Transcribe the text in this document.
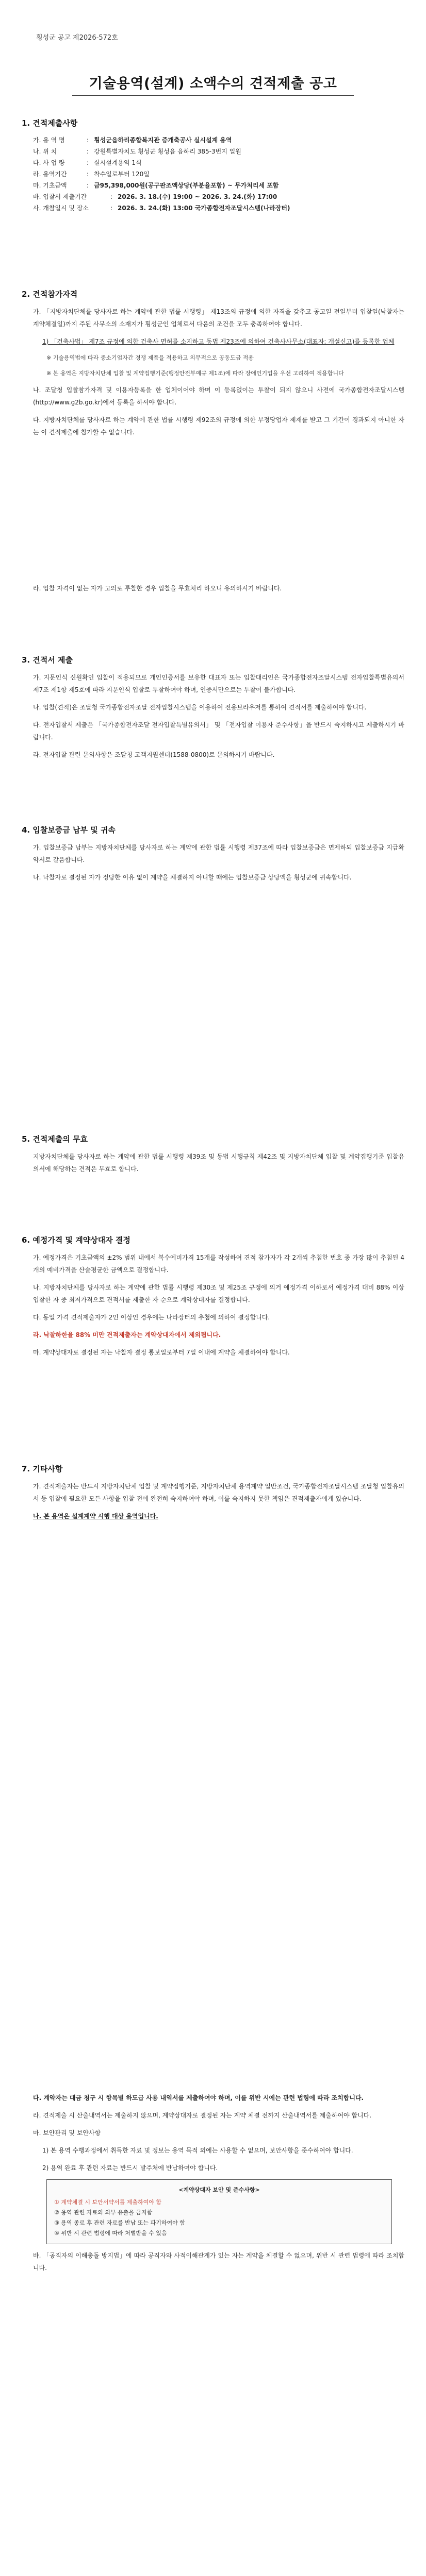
횡성군 공고 제2026-572호
기술용역(설계) 소액수의 견적제출 공고
1. 견적제출사항
가. 용 역 명	: 횡성군읍하리종합복지관 증개축공사 실시설계 용역
나. 위 치	: 강원특별자치도 횡성군 횡성읍 읍하리 385-3번지 일원
다. 사 업 량	: 실시설계용역 1식
라. 용역기간	: 착수일로부터 120일
마. 기초금액	: 금95,398,000원(공구판조액상당(부분율포함) ~ 무가처리세 포함
바. 입찰서 제출기간	: 2026. 3. 18.(수) 19:00 ~ 2026. 3. 24.(화) 17:00
사. 개찰일시 및 장소	: 2026. 3. 24.(화) 13:00 국가종합전자조달시스템(나라장터)
2. 견적참가자격

가. 「지방자치단체를 당사자로 하는 계약에 관한 법률 시행령」 제13조의 규정에 의한 자격을 갖추고 공고일 전일부터 입찰일(낙찰자는 계약체결일)까지 주된 사무소의 소재지가 횡성군인 업체로서 다음의 조건을 모두 충족하여야 합니다.

1) 「건축사법」 제7조 규정에 의한 건축사 면허를 소지하고 동법 제23조에 의하여 건축사사무소(대표자: 개설신고)를 등록한 업체

※ 기술용역법에 따라 중소기업자간 경쟁 제품을 적용하고 의무적으로 공동도급 적용
※ 본 용역은 지방자치단체 입찰 및 계약집행기준(행정안전부예규 제1조)에 따라 장애인기업을 우선 고려하여 적용합니다

나. 조달청 입찰참가자격 및 이용자등록을 한 업체이어야 하며 이 등록없이는 투찰이 되지 않으니 사전에 국가종합전자조달시스템(http://www.g2b.go.kr)에서 등록을 하셔야 합니다.

다. 지방자치단체를 당사자로 하는 계약에 관한 법률 시행령 제92조의 규정에 의한 부정당업자 제재를 받고 그 기간이 경과되지 아니한 자는 이 견적제출에 참가할 수 없습니다.

라. 입찰 자격이 없는 자가 고의로 투찰한 경우 입찰을 무효처리 하오니 유의하시기 바랍니다.

3. 견적서 제출

가. 지문인식 신원확인 입찰이 적용되므로 개인인증서를 보유한 대표자 또는 입찰대리인은 국가종합전자조달시스템 전자입찰특별유의서 제7조 제1항 제5호에 따라 지문인식 입찰로 투찰하여야 하며, 인증서만으로는 투찰이 불가합니다.

나. 입찰(견적)은 조달청 국가종합전자조달 전자입찰시스템을 이용하여 전용브라우저를 통하여 견적서를 제출하여야 합니다.

다. 전자입찰서 제출은 「국가종합전자조달 전자입찰특별유의서」 및 「전자입찰 이용자 준수사항」을 반드시 숙지하시고 제출하시기 바랍니다.

라. 전자입찰 관련 문의사항은 조달청 고객지원센터(1588-0800)로 문의하시기 바랍니다.

4. 입찰보증금 납부 및 귀속

가. 입찰보증금 납부는 지방자치단체를 당사자로 하는 계약에 관한 법률 시행령 제37조에 따라 입찰보증금은 면제하되 입찰보증금 지급확약서로 갈음합니다.

나. 낙찰자로 결정된 자가 정당한 이유 없이 계약을 체결하지 아니할 때에는 입찰보증금 상당액을 횡성군에 귀속합니다.

5. 견적제출의 무효

지방자치단체를 당사자로 하는 계약에 관한 법률 시행령 제39조 및 동법 시행규칙 제42조 및 지방자치단체 입찰 및 계약집행기준 입찰유의서에 해당하는 견적은 무효로 합니다.

6. 예정가격 및 계약상대자 결정

가. 예정가격은 기초금액의 ±2% 범위 내에서 복수예비가격 15개를 작성하여 견적 참가자가 각 2개씩 추첨한 번호 중 가장 많이 추첨된 4개의 예비가격을 산술평균한 금액으로 결정합니다.

나. 지방자치단체를 당사자로 하는 계약에 관한 법률 시행령 제30조 및 제25조 규정에 의거 예정가격 이하로서 예정가격 대비 88% 이상 입찰한 자 중 최저가격으로 견적서를 제출한 자 순으로 계약상대자를 결정합니다.

다. 동일 가격 견적제출자가 2인 이상인 경우에는 나라장터의 추첨에 의하여 결정합니다.

라. 낙찰하한율 88% 미만 견적제출자는 계약상대자에서 제외됩니다.

마. 계약상대자로 결정된 자는 낙찰자 결정 통보일로부터 7일 이내에 계약을 체결하여야 합니다.

7. 기타사항

가. 견적제출자는 반드시 지방자치단체 입찰 및 계약집행기준, 지방자치단체 용역계약 일반조건, 국가종합전자조달시스템 조달청 입찰유의서 등 입찰에 필요한 모든 사항을 입찰 전에 완전히 숙지하여야 하며, 이를 숙지하지 못한 책임은 견적제출자에게 있습니다.

나. 본 용역은 설계계약 시행 대상 용역입니다.

다. 계약자는 대금 청구 시 항목별 하도급 사용 내역서를 제출하여야 하며, 이를 위반 시에는 관련 법령에 따라 조치합니다.

라. 견적제출 시 산출내역서는 제출하지 않으며, 계약상대자로 결정된 자는 계약 체결 전까지 산출내역서를 제출하여야 합니다.

마. 보안관리 및 보안사항

1) 본 용역 수행과정에서 취득한 자료 및 정보는 용역 목적 외에는 사용할 수 없으며, 보안사항을 준수하여야 합니다.

2) 용역 완료 후 관련 자료는 반드시 발주처에 반납하여야 합니다.

<계약상대자 보안 및 준수사항>
① 계약체결 시 보안서약서를 제출하여야 함
② 용역 관련 자료의 외부 유출을 금지함
③ 용역 종료 후 관련 자료를 반납 또는 파기하여야 함
④ 위반 시 관련 법령에 따라 처벌받을 수 있음

바. 「공직자의 이해충돌 방지법」에 따라 공직자와 사적이해관계가 있는 자는 계약을 체결할 수 없으며, 위반 시 관련 법령에 따라 조치합니다.
